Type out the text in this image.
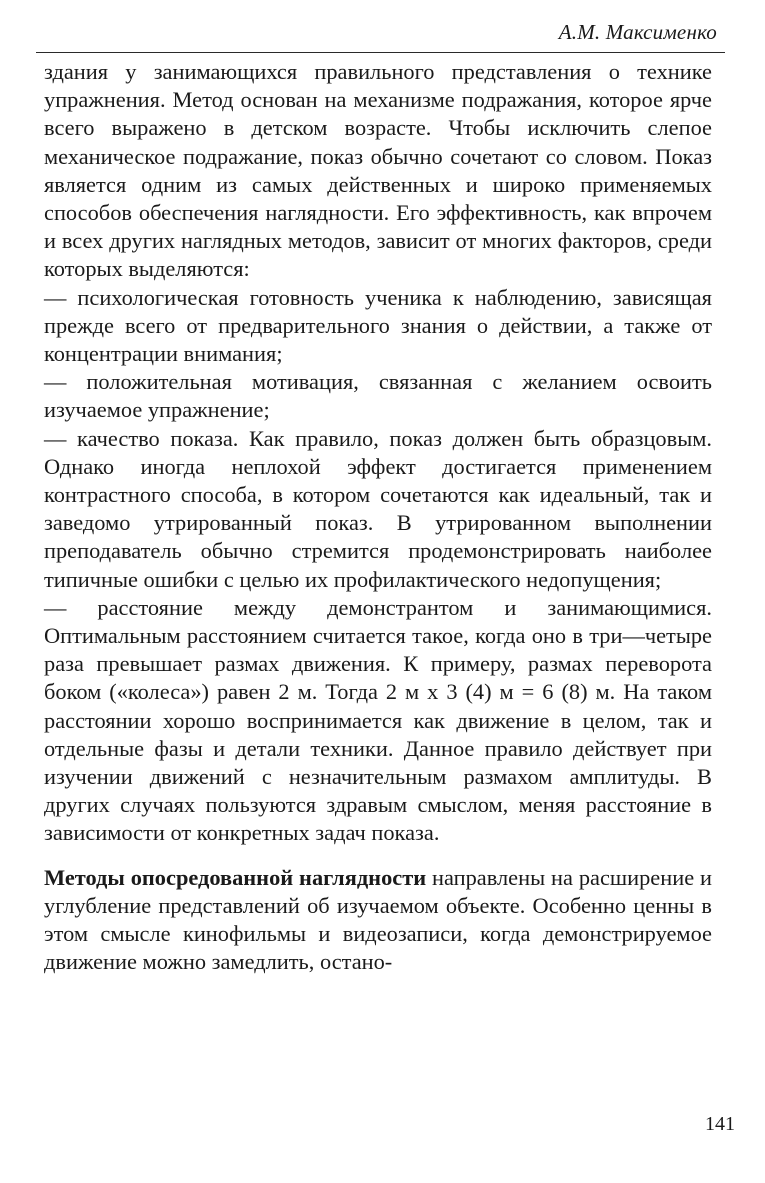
А.М. Максименко

здания у занимающихся правильного представления о технике упражнения. Метод основан на механизме подражания, которое ярче всего выражено в детском возрасте. Чтобы исключить слепое механическое подражание, показ обычно сочетают со словом. Показ является одним из самых действенных и широко применяемых способов обеспечения наглядности. Его эффективность, как впрочем и всех других наглядных методов, зависит от многих факторов, среди которых выделяются:

— психологическая готовность ученика к наблюдению, зависящая прежде всего от предварительного знания о действии, а также от концентрации внимания;

— положительная мотивация, связанная с желанием освоить изучаемое упражнение;

— качество показа. Как правило, показ должен быть образцовым. Однако иногда неплохой эффект достигается применением контрастного способа, в котором сочетаются как идеальный, так и заведомо утрированный показ. В утрированном выполнении преподаватель обычно стремится продемонстрировать наиболее типичные ошибки с целью их профилактического недопущения;

— расстояние между демонстрантом и занимающимися. Оптимальным расстоянием считается такое, когда оно в три—четыре раза превышает размах движения. К примеру, размах переворота боком («колеса») равен 2 м. Тогда 2 м х 3 (4) м = 6 (8) м. На таком расстоянии хорошо воспринимается как движение в целом, так и отдельные фазы и детали техники. Данное правило действует при изучении движений с незначительным размахом амплитуды. В других случаях пользуются здравым смыслом, меняя расстояние в зависимости от конкретных задач показа.

Методы опосредованной наглядности направлены на расширение и углубление представлений об изучаемом объекте. Особенно ценны в этом смысле кинофильмы и видеозаписи, когда демонстрируемое движение можно замедлить, остано-

141
